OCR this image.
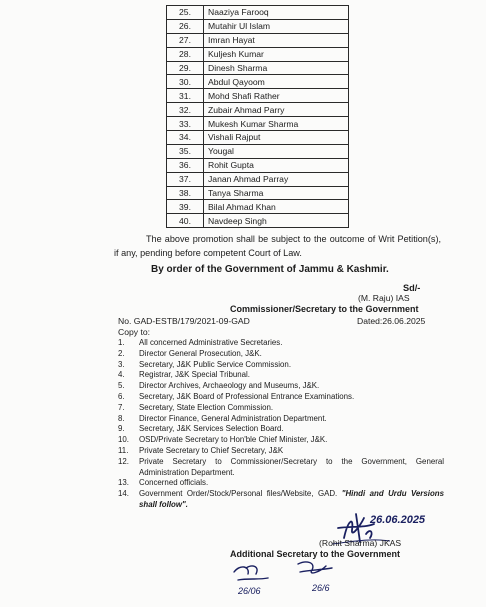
25.	Naaziya Farooq
26.	Mutahir Ul Islam
27.	Imran Hayat
28.	Kuljesh Kumar
29.	Dinesh Sharma
30.	Abdul Qayoom
31.	Mohd Shafi Rather
32.	Zubair Ahmad Parry
33.	Mukesh Kumar Sharma
34.	Vishali Rajput
35.	Yougal
36.	Rohit Gupta
37.	Janan Ahmad Parray
38.	Tanya Sharma
39.	Bilal Ahmad Khan
40.	Navdeep Singh
The above promotion shall be subject to the outcome of Writ Petition(s), if any, pending before competent Court of Law.
By order of the Government of Jammu & Kashmir.
Sd/-
(M. Raju) IAS
Commissioner/Secretary to the Government
No. GAD-ESTB/179/2021-09-GAD	Dated:26.06.2025
Copy to:
1.	All concerned Administrative Secretaries.
2.	Director General Prosecution, J&K.
3.	Secretary, J&K Public Service Commission.
4.	Registrar, J&K Special Tribunal.
5.	Director Archives, Archaeology and Museums, J&K.
6.	Secretary, J&K Board of Professional Entrance Examinations.
7.	Secretary, State Election Commission.
8.	Director Finance, General Administration Department.
9.	Secretary, J&K Services Selection Board.
10.	OSD/Private Secretary to Hon'ble Chief Minister, J&K.
11.	Private Secretary to Chief Secretary, J&K
12.	Private Secretary to Commissioner/Secretary to the Government, General Administration Department.
13.	Concerned officials.
14.	Government Order/Stock/Personal files/Website, GAD. "Hindi and Urdu Versions shall follow".
26.06.2025
(Rohit Sharma) JKAS
Additional Secretary to the Government
26/06	26/6
